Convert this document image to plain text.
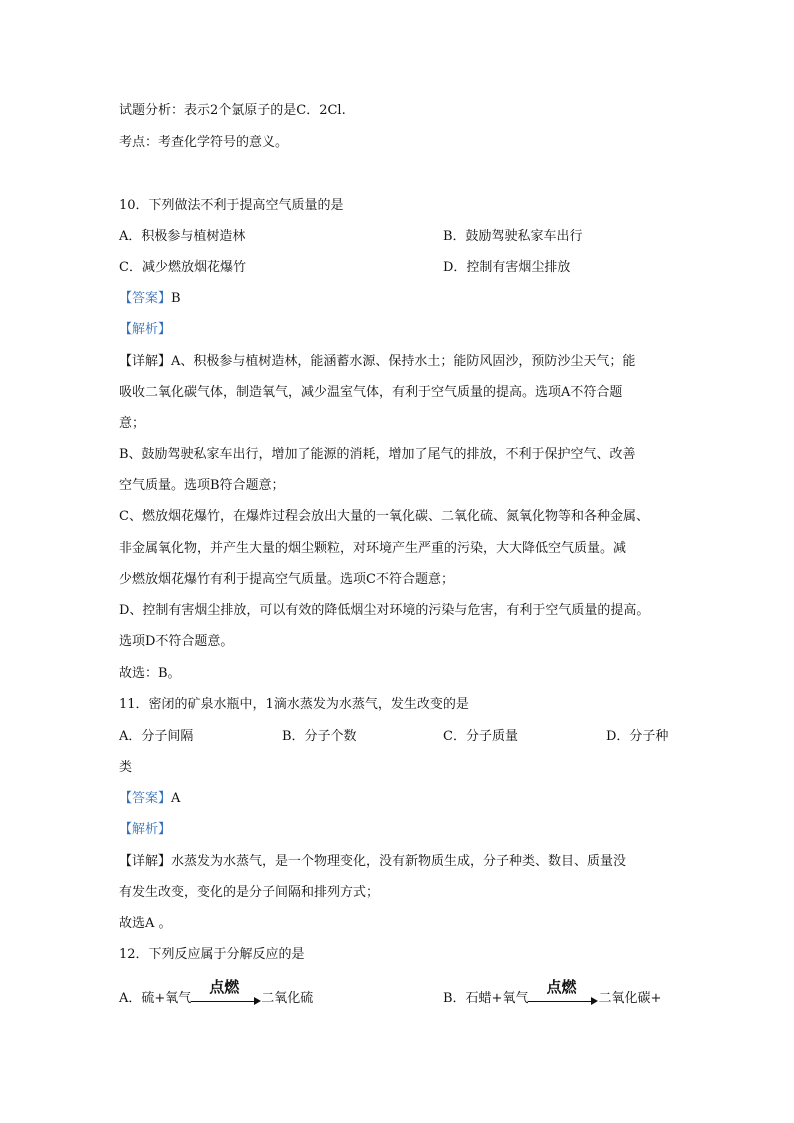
试题分析：表示2个氯原子的是C．2Cl.
考点：考查化学符号的意义。
10．下列做法不利于提高空气质量的是
A．积极参与植树造林	B．鼓励驾驶私家车出行
C．减少燃放烟花爆竹	D．控制有害烟尘排放
【答案】B
【解析】
【详解】A、积极参与植树造林，能涵蓄水源、保持水土；能防风固沙，预防沙尘天气；能
吸收二氧化碳气体，制造氧气，减少温室气体，有利于空气质量的提高。选项A不符合题
意；
B、鼓励驾驶私家车出行，增加了能源的消耗，增加了尾气的排放，不利于保护空气、改善
空气质量。选项B符合题意；
C、燃放烟花爆竹，在爆炸过程会放出大量的一氧化碳、二氧化硫、氮氧化物等和各种金属、
非金属氧化物，并产生大量的烟尘颗粒，对环境产生严重的污染，大大降低空气质量。减
少燃放烟花爆竹有利于提高空气质量。选项C不符合题意；
D、控制有害烟尘排放，可以有效的降低烟尘对环境的污染与危害，有利于空气质量的提高。
选项D不符合题意。
故选：B。
11．密闭的矿泉水瓶中，1滴水蒸发为水蒸气，发生改变的是
A．分子间隔	B．分子个数	C．分子质量	D．分子种
类
【答案】A
【解析】
【详解】水蒸发为水蒸气，是一个物理变化，没有新物质生成，分子种类、数目、质量没
有发生改变，变化的是分子间隔和排列方式；
故选A 。
12．下列反应属于分解反应的是
A．硫+氧气
点燃
二氧化硫	B．石蜡+氧气
点燃
二氧化碳+
